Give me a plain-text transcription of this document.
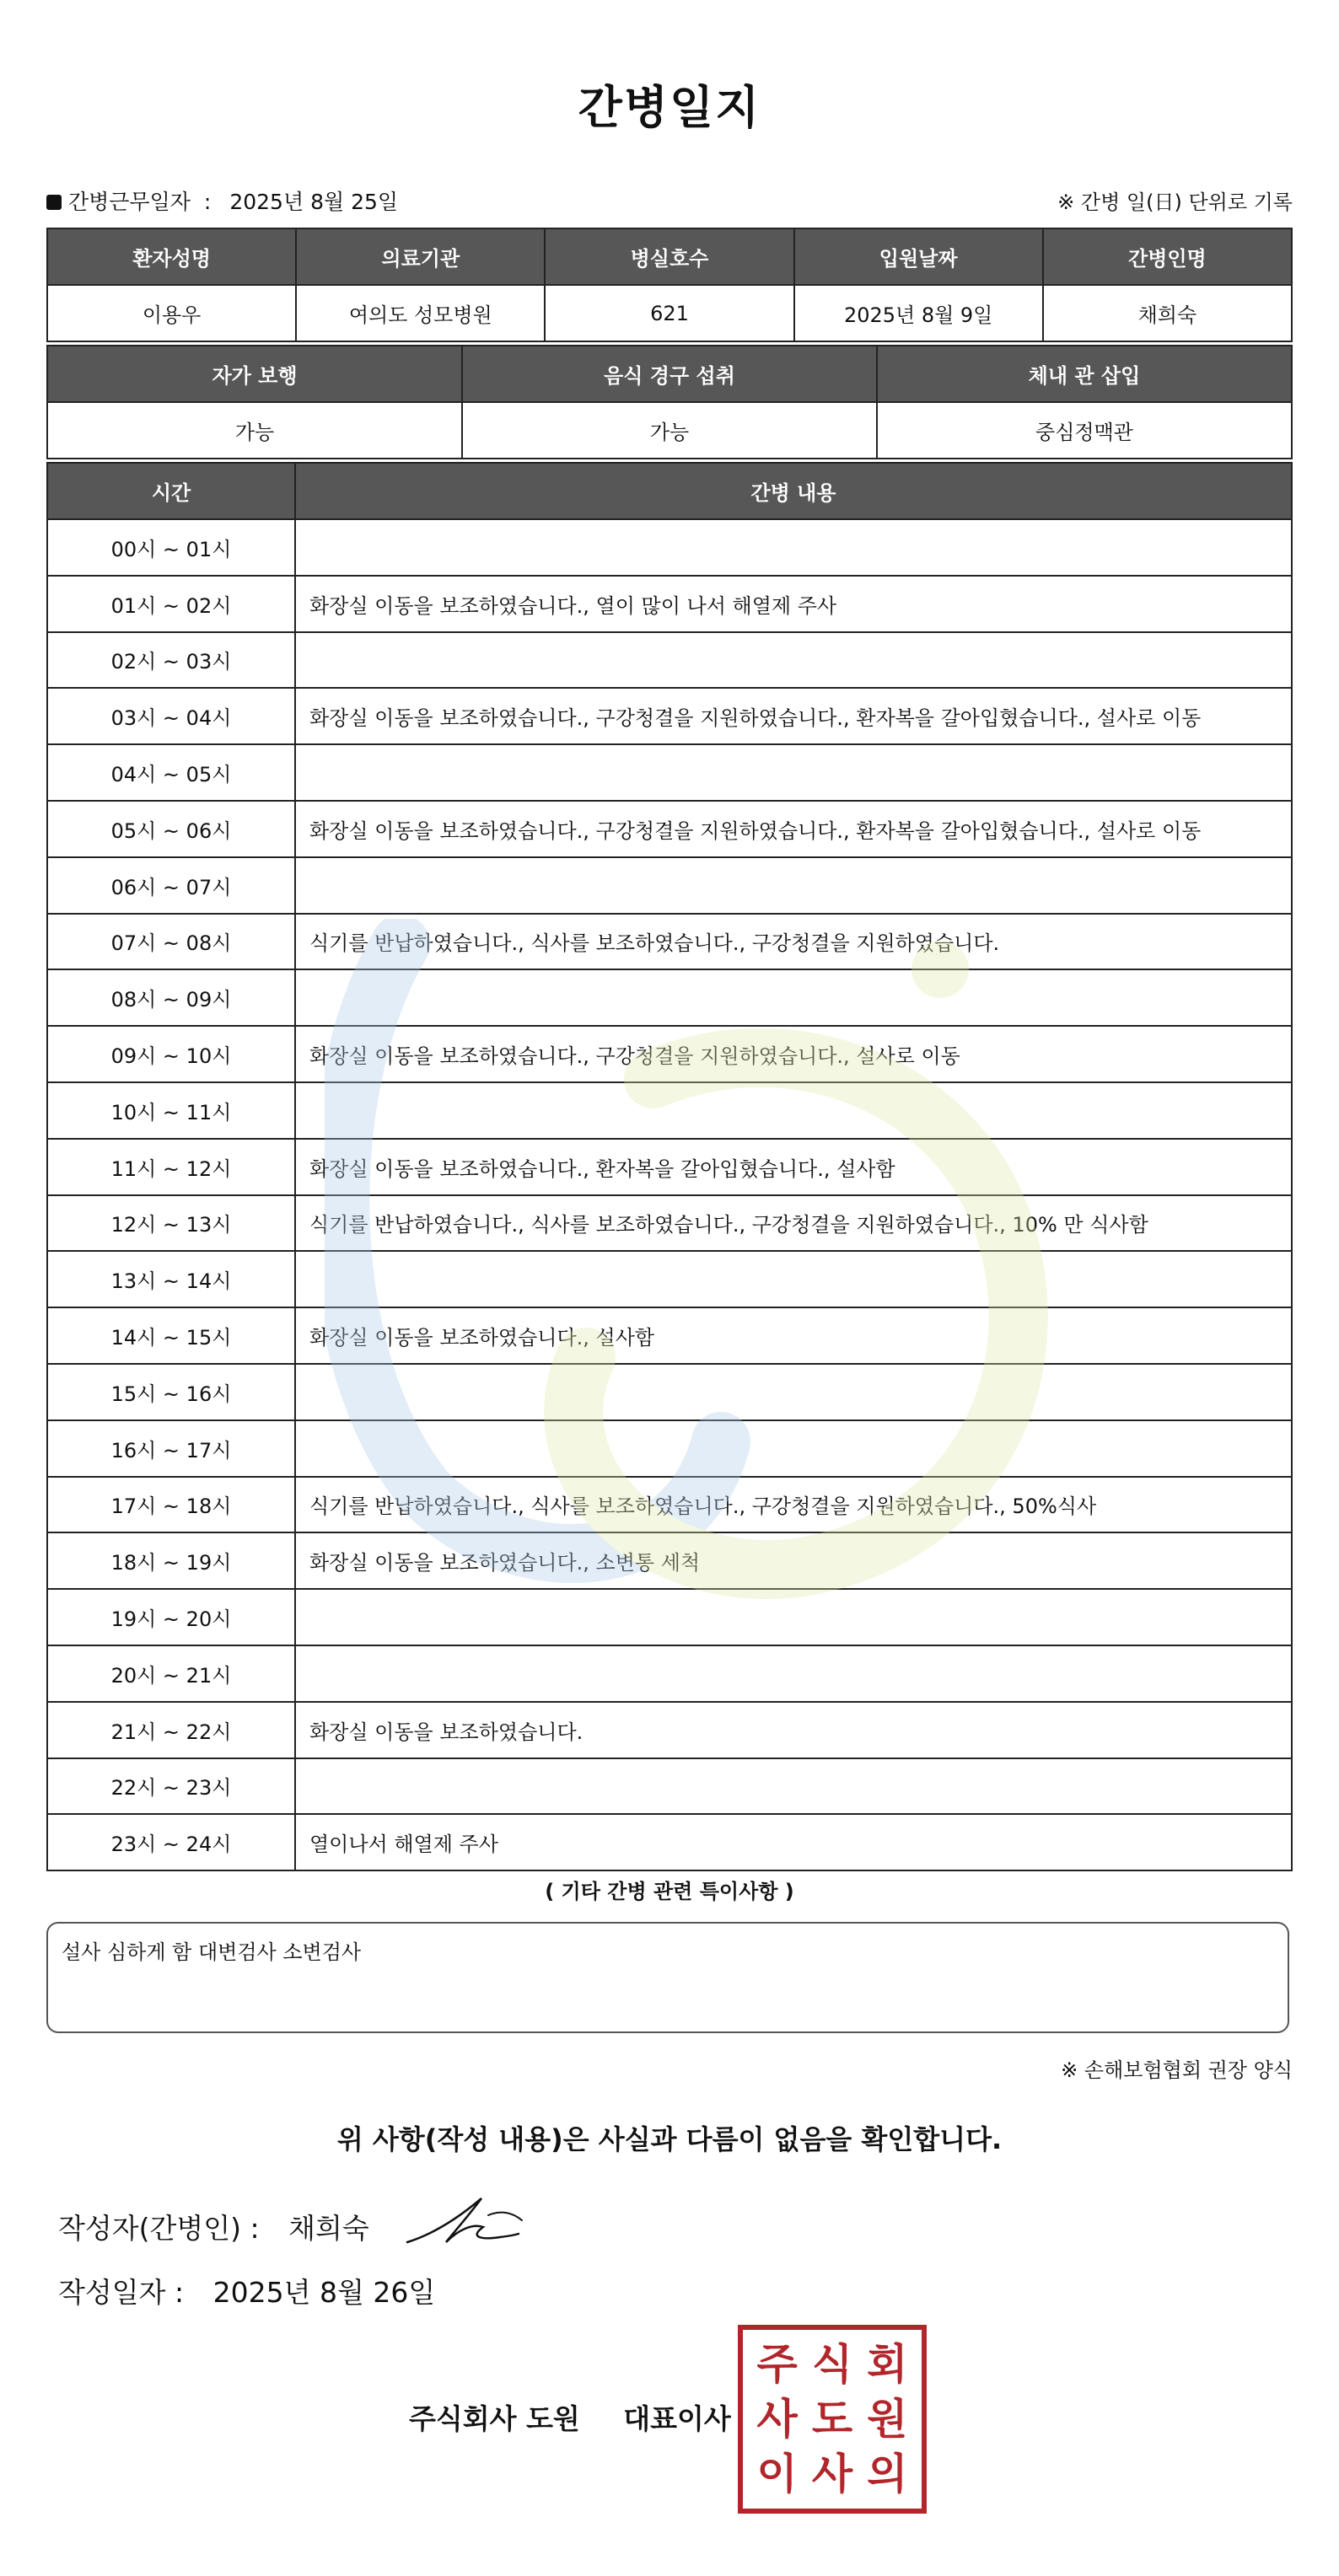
간병일지
간병근무일자 : 2025년 8월 25일	※ 간병 일(日) 단위로 기록
환자성명	의료기관	병실호수	입원날짜	간병인명
이용우	여의도 성모병원	621	2025년 8월 9일	채희숙
자가 보행	음식 경구 섭취	체내 관 삽입
가능	가능	중심정맥관
시간	간병 내용
00시 ~ 01시	
01시 ~ 02시	화장실 이동을 보조하였습니다., 열이 많이 나서 해열제 주사
02시 ~ 03시	
03시 ~ 04시	화장실 이동을 보조하였습니다., 구강청결을 지원하였습니다., 환자복을 갈아입혔습니다., 설사로 이동
04시 ~ 05시	
05시 ~ 06시	화장실 이동을 보조하였습니다., 구강청결을 지원하였습니다., 환자복을 갈아입혔습니다., 설사로 이동
06시 ~ 07시	
07시 ~ 08시	식기를 반납하였습니다., 식사를 보조하였습니다., 구강청결을 지원하였습니다.
08시 ~ 09시	
09시 ~ 10시	화장실 이동을 보조하였습니다., 구강청결을 지원하였습니다., 설사로 이동
10시 ~ 11시	
11시 ~ 12시	화장실 이동을 보조하였습니다., 환자복을 갈아입혔습니다., 설사함
12시 ~ 13시	식기를 반납하였습니다., 식사를 보조하였습니다., 구강청결을 지원하였습니다., 10% 만 식사함
13시 ~ 14시	
14시 ~ 15시	화장실 이동을 보조하였습니다., 설사함
15시 ~ 16시	
16시 ~ 17시	
17시 ~ 18시	식기를 반납하였습니다., 식사를 보조하였습니다., 구강청결을 지원하였습니다., 50%식사
18시 ~ 19시	화장실 이동을 보조하였습니다., 소변통 세척
19시 ~ 20시	
20시 ~ 21시	
21시 ~ 22시	화장실 이동을 보조하였습니다.
22시 ~ 23시	
23시 ~ 24시	열이나서 해열제 주사
( 기타 간병 관련 특이사항 )
설사 심하게 함 대변검사 소변검사
※ 손해보험협회 권장 양식
위 사항(작성 내용)은 사실과 다름이 없음을 확인합니다.
작성자(간병인) : 채희숙
작성일자 : 2025년 8월 26일
주식회사 도원 대표이사
주 식 회
사 도 원
이 사 의
